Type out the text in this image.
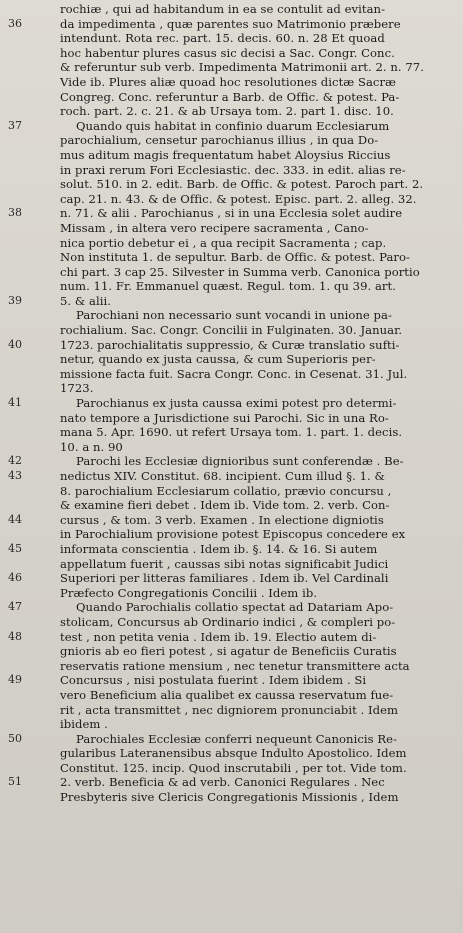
rochiæ , qui ad habitandum in ea se contulit ad evitan-
36	da impedimenta , quæ parentes suo Matrimonio præbere
intendunt. Rota rec. part. 15. decis. 60. n. 28 Et quoad
hoc habentur plures casus sic decisi a Sac. Congr. Conc.
& referuntur sub verb. Impedimenta Matrimonii art. 2. n. 77.
Vide ib. Plures aliæ quoad hoc resolutiones dictæ Sacræ
Congreg. Conc. referuntur a Barb. de Offic. & potest. Pa-
roch. part. 2. c. 21. & ab Ursaya tom. 2. part 1. disc. 10.
37	Quando quis habitat in confinio duarum Ecclesiarum
parochialium, censetur parochianus illius , in qua Do-
mus aditum magis frequentatum habet Aloysius Riccius
in praxi rerum Fori Ecclesiastic. dec. 333. in edit. alias re-
solut. 510. in 2. edit. Barb. de Offic. & potest. Paroch part. 2.
cap. 21. n. 43. & de Offic. & potest. Episc. part. 2. alleg. 32.
38	n. 71. & alii . Parochianus , si in una Ecclesia solet audire
Missam , in altera vero recipere sacramenta , Cano-
nica portio debetur ei , a qua recipit Sacramenta ; cap.
Non instituta 1. de sepultur. Barb. de Offic. & potest. Paro-
chi part. 3 cap 25. Silvester in Summa verb. Canonica portio
num. 11. Fr. Emmanuel quæst. Regul. tom. 1. qu 39. art.
39	5. & alii.
Parochiani non necessario sunt vocandi in unione pa-
rochialium. Sac. Congr. Concilii in Fulginaten. 30. Januar.
40	1723. parochialitatis suppressio, & Curæ translatio sufti-
netur, quando ex justa caussa, & cum Superioris per-
missione facta fuit. Sacra Congr. Conc. in Cesenat. 31. Jul.
1723.
41	Parochianus ex justa caussa eximi potest pro determi-
nato tempore a Jurisdictione sui Parochi. Sic in una Ro-
mana 5. Apr. 1690. ut refert Ursaya tom. 1. part. 1. decis.
10. a n. 90
42	Parochi les Ecclesiæ dignioribus sunt conferendæ . Be-
43	nedictus XIV. Constitut. 68. incipient. Cum illud §. 1. &
8. parochialium Ecclesiarum collatio, prævio concursu ,
& examine fieri debet . Idem ib. Vide tom. 2. verb. Con-
44	cursus , & tom. 3 verb. Examen . In electione digniotis
in Parochialium provisione potest Episcopus concedere ex
45	informata conscientia . Idem ib. §. 14. & 16. Si autem
appellatum fuerit , caussas sibi notas significabit Judici
46	Superiori per litteras familiares . Idem ib. Vel Cardinali
Præfecto Congregationis Concilii . Idem ib.
47	Quando Parochialis collatio spectat ad Datariam Apo-
stolicam, Concursus ab Ordinario indici , & compleri po-
48	test , non petita venia . Idem ib. 19. Electio autem di-
gnioris ab eo fieri potest , si agatur de Beneficiis Curatis
reservatis ratione mensium , nec tenetur transmittere acta
49	Concursus , nisi postulata fuerint . Idem ibidem . Si
vero Beneficium alia qualibet ex caussa reservatum fue-
rit , acta transmittet , nec digniorem pronunciabit . Idem
ibidem .
50	Parochiales Ecclesiæ conferri nequeunt Canonicis Re-
gularibus Lateranensibus absque Indulto Apostolico. Idem
Constitut. 125. incip. Quod inscrutabili , per tot. Vide tom.
51	2. verb. Beneficia & ad verb. Canonici Regulares . Nec
Presbyteris sive Clericis Congregationis Missionis , Idem
